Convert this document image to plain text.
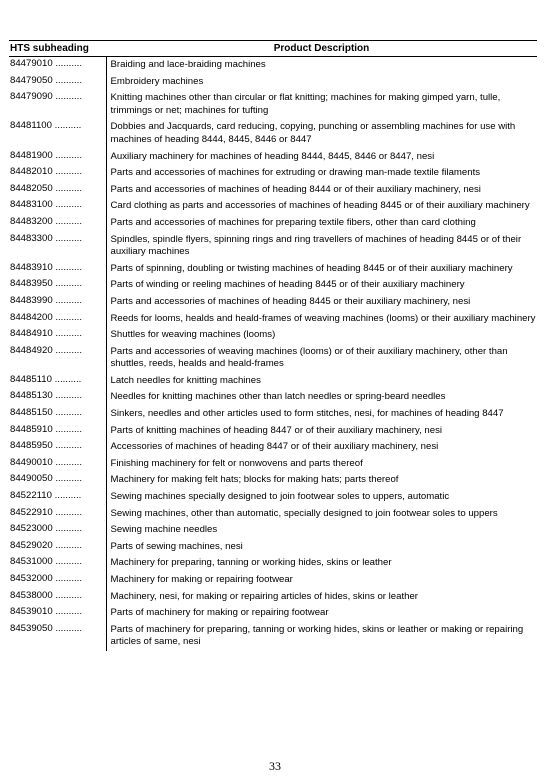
HTS subheading	Product Description
84479010 ..........	Braiding and lace-braiding machines
84479050 ..........	Embroidery machines
84479090 ..........	Knitting machines other than circular or flat knitting; machines for making gimped yarn, tulle, trimmings or net; machines for tufting
84481100 ..........	Dobbies and Jacquards, card reducing, copying, punching or assembling machines for use with machines of heading 8444, 8445, 8446 or 8447
84481900 ..........	Auxiliary machinery for machines of heading 8444, 8445, 8446 or 8447, nesi
84482010 ..........	Parts and accessories of machines for extruding or drawing man-made textile filaments
84482050 ..........	Parts and accessories of machines of heading 8444 or of their auxiliary machinery, nesi
84483100 ..........	Card clothing as parts and accessories of machines of heading 8445 or of their auxiliary machinery
84483200 ..........	Parts and accessories of machines for preparing textile fibers, other than card clothing
84483300 ..........	Spindles, spindle flyers, spinning rings and ring travellers of machines of heading 8445 or of their auxiliary machines
84483910 ..........	Parts of spinning, doubling or twisting machines of heading 8445 or of their auxiliary machinery
84483950 ..........	Parts of winding or reeling machines of heading 8445 or of their auxiliary machinery
84483990 ..........	Parts and accessories of machines of heading 8445 or their auxiliary machinery, nesi
84484200 ..........	Reeds for looms, healds and heald-frames of weaving machines (looms) or their auxiliary machinery
84484910 ..........	Shuttles for weaving machines (looms)
84484920 ..........	Parts and accessories of weaving machines (looms) or of their auxiliary machinery, other than shuttles, reeds, healds and heald-frames
84485110 ..........	Latch needles for knitting machines
84485130 ..........	Needles for knitting machines other than latch needles or spring-beard needles
84485150 ..........	Sinkers, needles and other articles used to form stitches, nesi, for machines of heading 8447
84485910 ..........	Parts of knitting machines of heading 8447 or of their auxiliary machinery, nesi
84485950 ..........	Accessories of machines of heading 8447 or of their auxiliary machinery, nesi
84490010 ..........	Finishing machinery for felt or nonwovens and parts thereof
84490050 ..........	Machinery for making felt hats; blocks for making hats; parts thereof
84522110 ..........	Sewing machines specially designed to join footwear soles to uppers, automatic
84522910 ..........	Sewing machines, other than automatic, specially designed to join footwear soles to uppers
84523000 ..........	Sewing machine needles
84529020 ..........	Parts of sewing machines, nesi
84531000 ..........	Machinery for preparing, tanning or working hides, skins or leather
84532000 ..........	Machinery for making or repairing footwear
84538000 ..........	Machinery, nesi, for making or repairing articles of hides, skins or leather
84539010 ..........	Parts of machinery for making or repairing footwear
84539050 ..........	Parts of machinery for preparing, tanning or working hides, skins or leather or making or repairing articles of same, nesi
33
